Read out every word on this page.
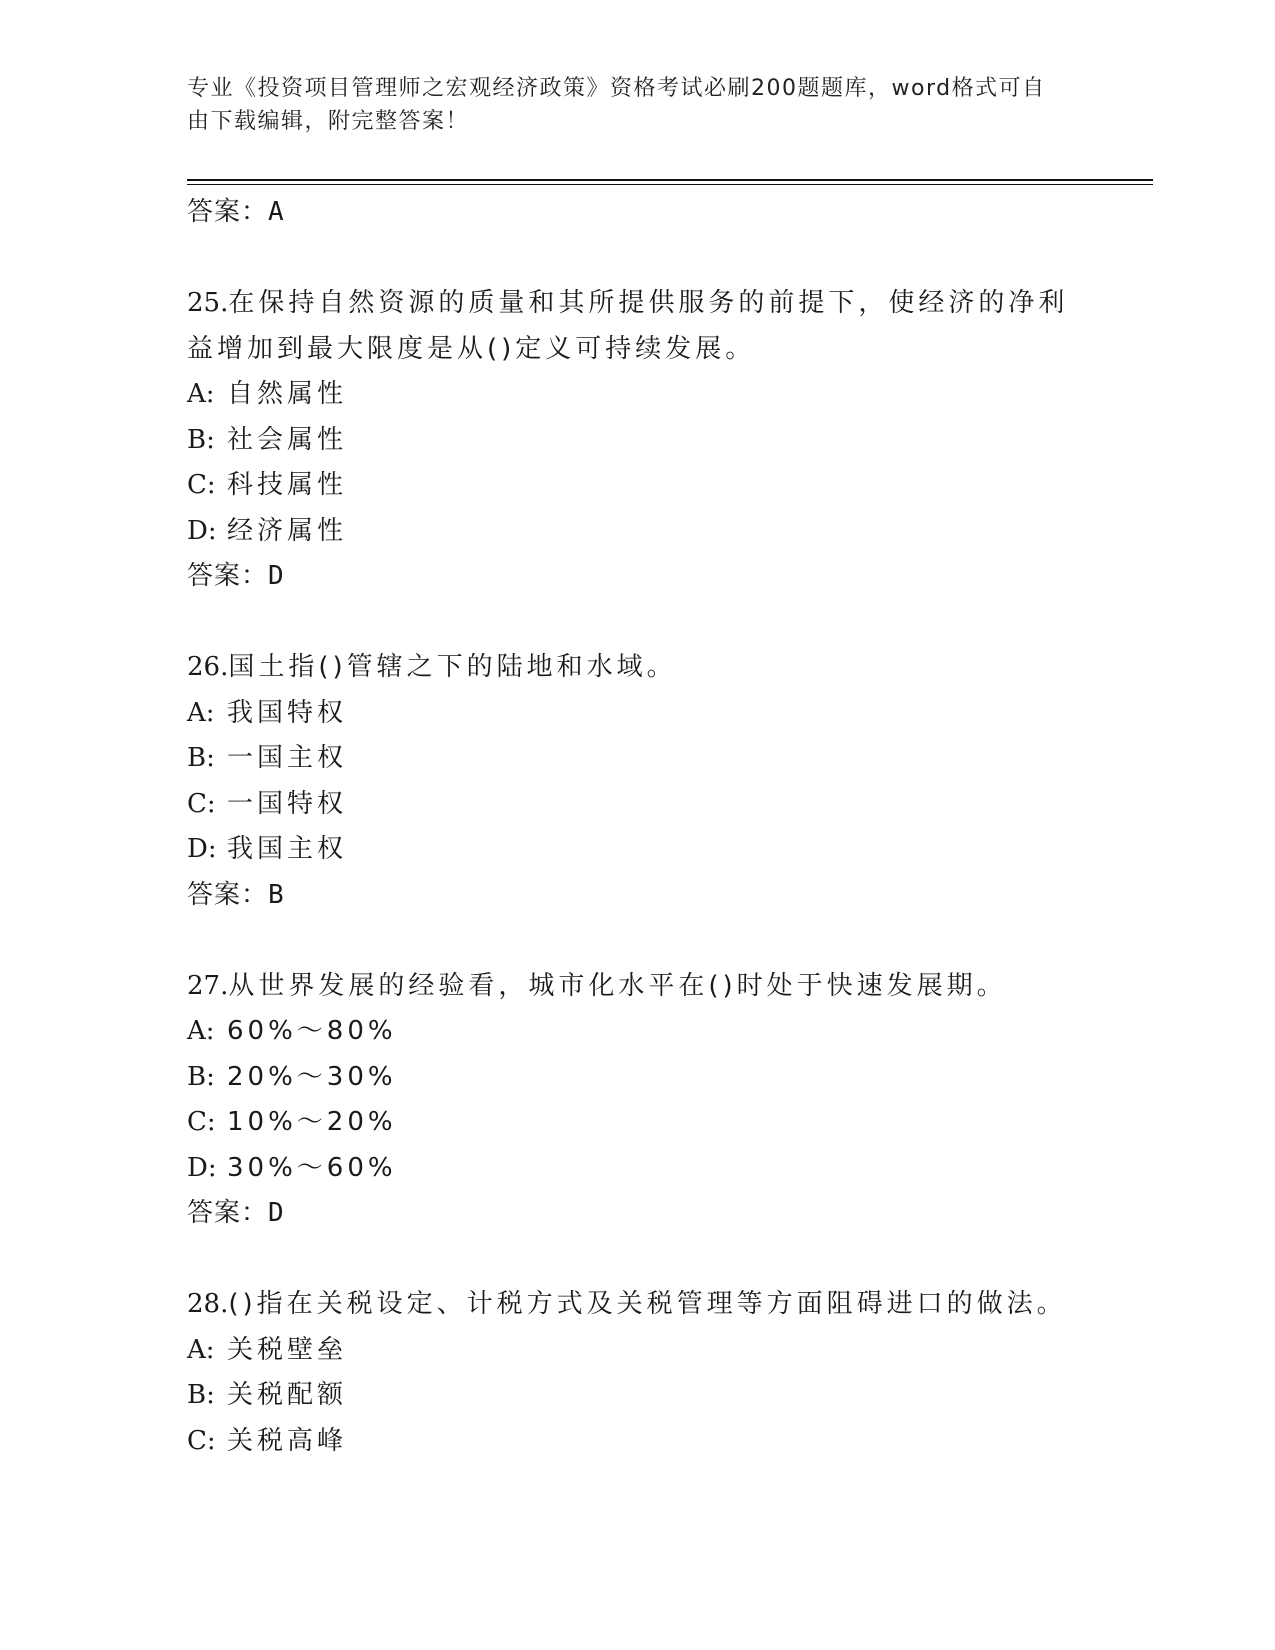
专业《投资项目管理师之宏观经济政策》资格考试必刷200题题库，word格式可自由下载编辑，附完整答案！
答案：A
25.在保持自然资源的质量和其所提供服务的前提下，使经济的净利益增加到最大限度是从()定义可持续发展。
A: 自然属性
B: 社会属性
C: 科技属性
D: 经济属性
答案：D
26.国土指()管辖之下的陆地和水域。
A: 我国特权
B: 一国主权
C: 一国特权
D: 我国主权
答案：B
27.从世界发展的经验看，城市化水平在()时处于快速发展期。
A: 60%～80%
B: 20%～30%
C: 10%～20%
D: 30%～60%
答案：D
28.()指在关税设定、计税方式及关税管理等方面阻碍进口的做法。
A: 关税壁垒
B: 关税配额
C: 关税高峰
